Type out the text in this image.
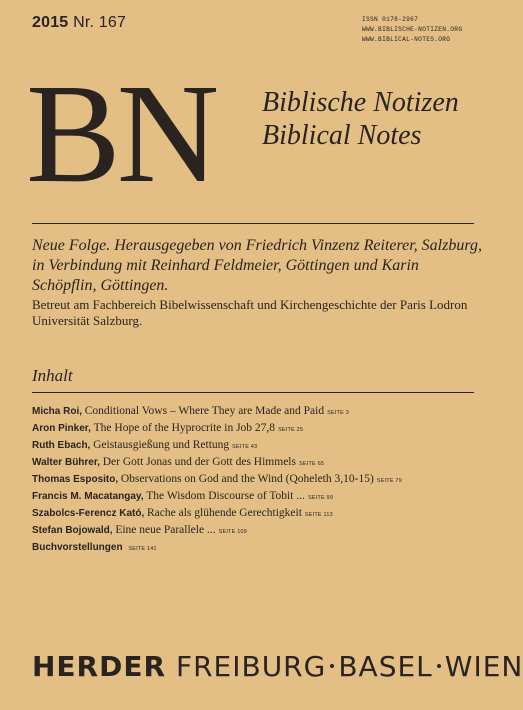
2015 Nr. 167	ISSN 0178-2967
WWW.BIBLISCHE-NOTIZEN.ORG
WWW.BIBLICAL-NOTES.ORG
BN Biblische Notizen
Biblical Notes
Neue Folge. Herausgegeben von Friedrich Vinzenz Reiterer, Salzburg, in Verbindung mit Reinhard Feldmeier, Göttingen und Karin Schöpflin, Göttingen.
Betreut am Fachbereich Bibelwissenschaft und Kirchengeschichte der Paris Lodron Universität Salzburg.
Inhalt
Micha Roi, Conditional Vows – Where They are Made and Paid SEITE 3
Aron Pinker, The Hope of the Hyprocrite in Job 27,8 SEITE 25
Ruth Ebach, Geistausgießung und Rettung SEITE 43
Walter Bührer, Der Gott Jonas und der Gott des Himmels SEITE 65
Thomas Esposito, Observations on God and the Wind (Qoheleth 3,10-15) SEITE 79
Francis M. Macatangay, The Wisdom Discourse of Tobit ... SEITE 99
Szabolcs-Ferencz Kató, Rache als glühende Gerechtigkeit SEITE 113
Stefan Bojowald, Eine neue Parallele ... SEITE 109
Buchvorstellungen SEITE 141
HERDER FREIBURG BASEL WIEN
